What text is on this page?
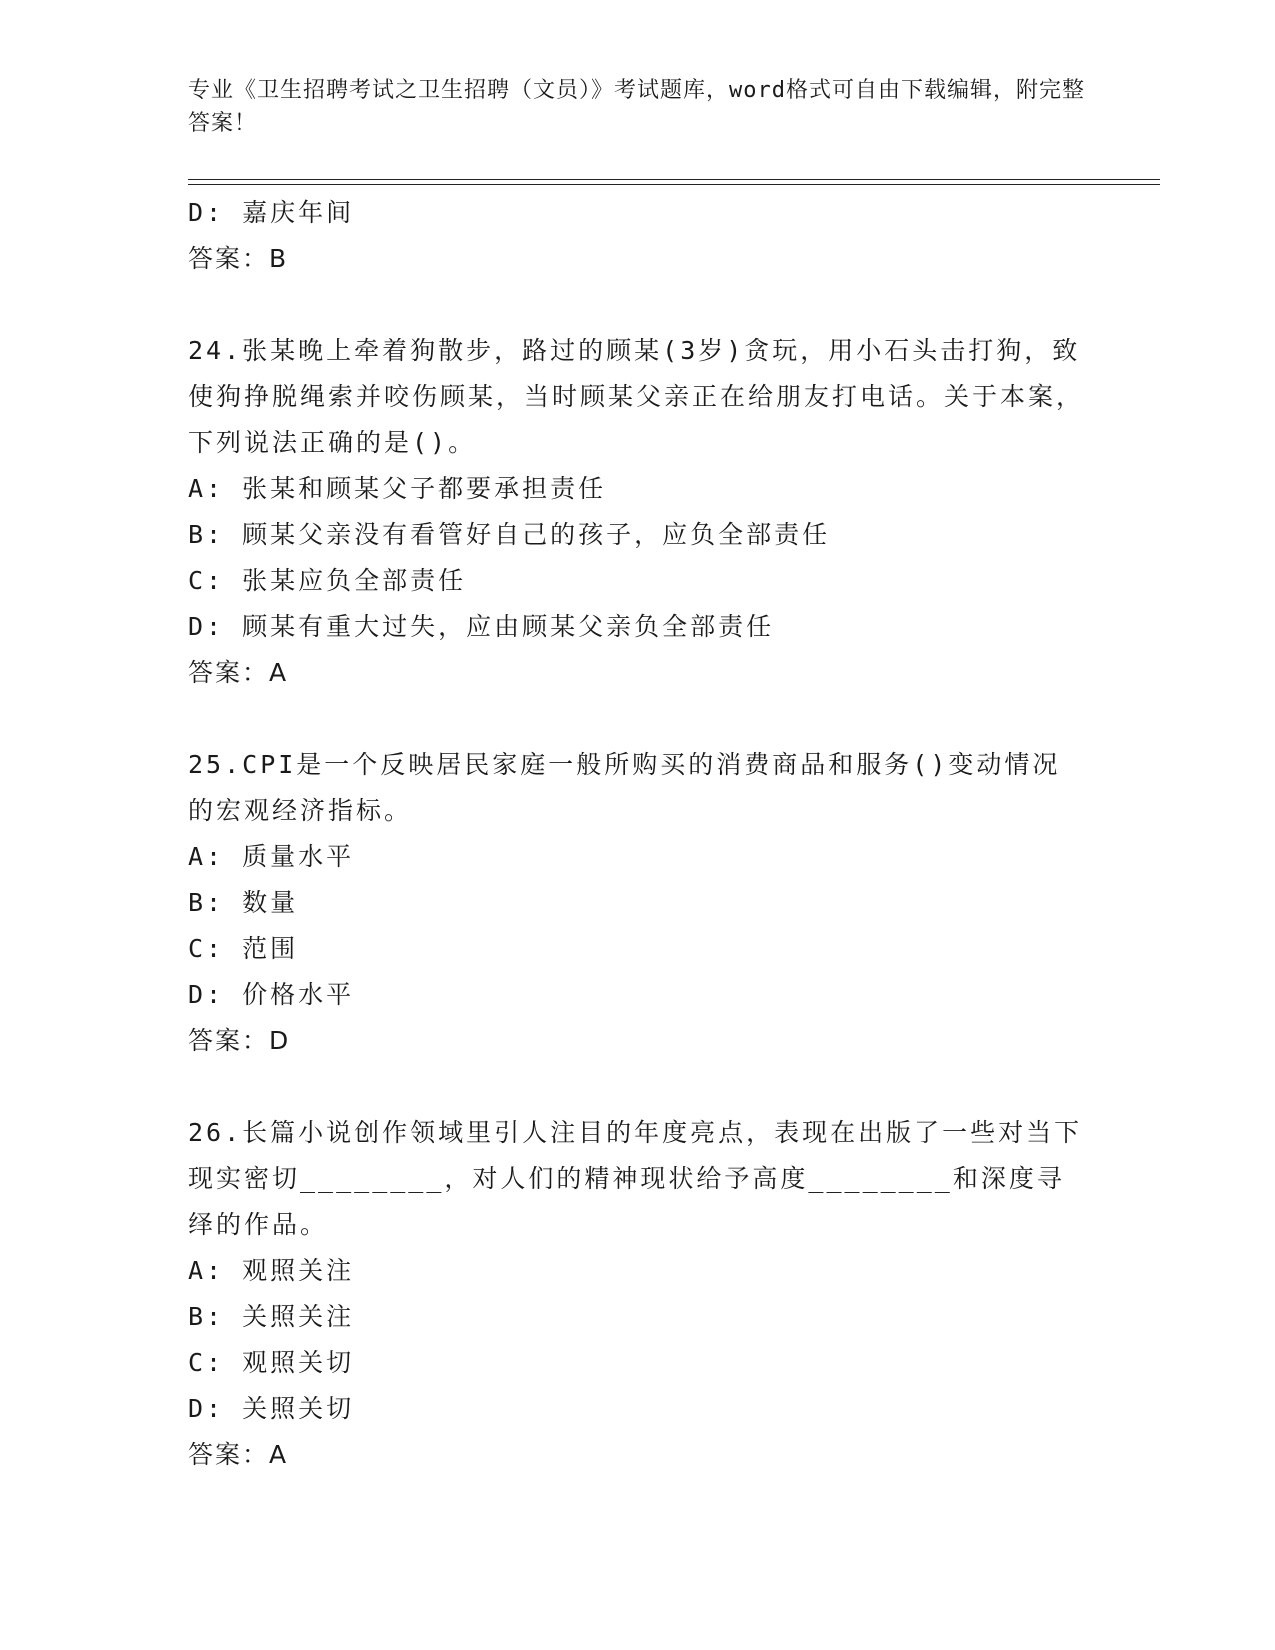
专业《卫生招聘考试之卫生招聘（文员）》考试题库，word格式可自由下载编辑，附完整答案！

D: 嘉庆年间

答案：B

24.张某晚上牵着狗散步，路过的顾某(3岁)贪玩，用小石头击打狗，致使狗挣脱绳索并咬伤顾某，当时顾某父亲正在给朋友打电话。关于本案，下列说法正确的是()。

A: 张某和顾某父子都要承担责任

B: 顾某父亲没有看管好自己的孩子，应负全部责任

C: 张某应负全部责任

D: 顾某有重大过失，应由顾某父亲负全部责任

答案：A

25.CPI是一个反映居民家庭一般所购买的消费商品和服务()变动情况的宏观经济指标。

A: 质量水平

B: 数量

C: 范围

D: 价格水平

答案：D

26.长篇小说创作领域里引人注目的年度亮点，表现在出版了一些对当下现实密切________，对人们的精神现状给予高度________和深度寻绎的作品。

A: 观照关注

B: 关照关注

C: 观照关切

D: 关照关切

答案：A
